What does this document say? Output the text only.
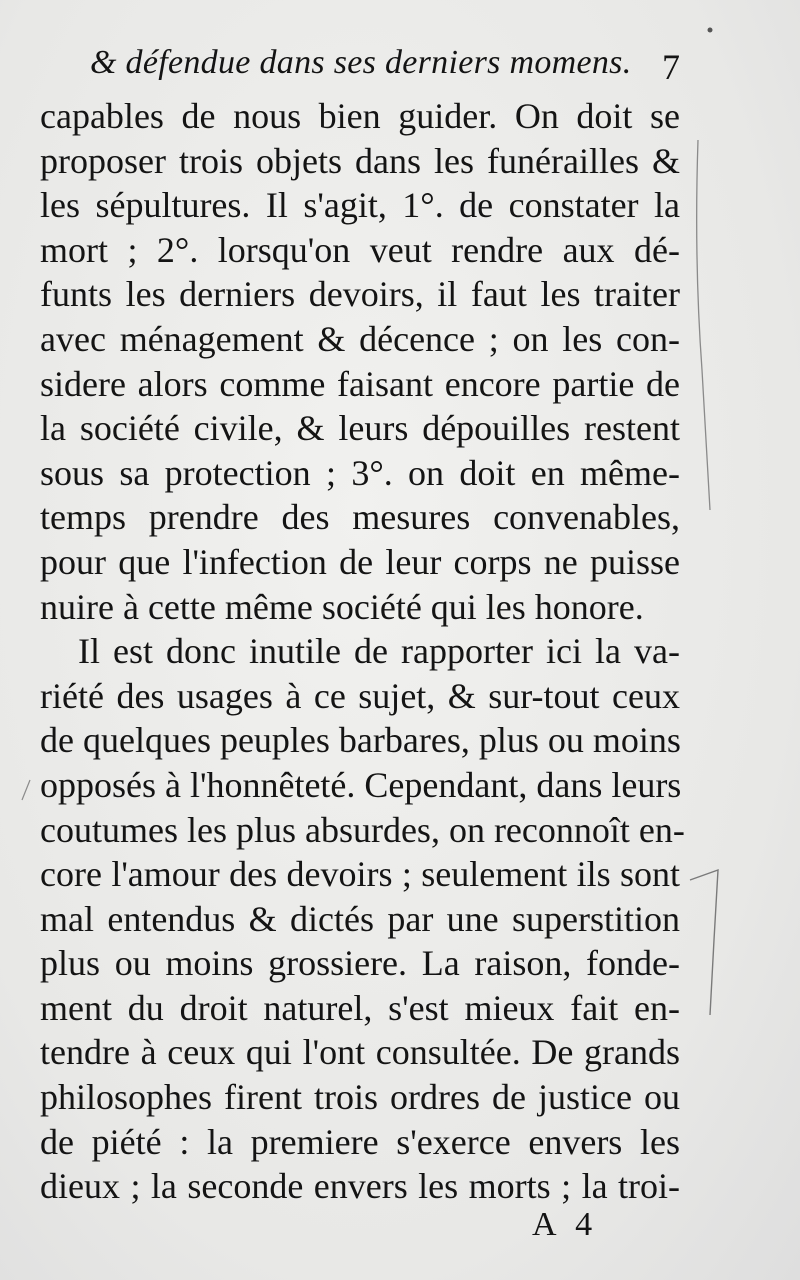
& défendue dans ses derniers momens. 7
capables de nous bien guider. On doit se
proposer trois objets dans les funérailles &
les sépultures. Il s'agit, 1°. de constater la
mort ; 2°. lorsqu'on veut rendre aux dé-
funts les derniers devoirs, il faut les traiter
avec ménagement & décence ; on les con-
sidere alors comme faisant encore partie de
la société civile, & leurs dépouilles restent
sous sa protection ; 3°. on doit en même-
temps prendre des mesures convenables,
pour que l'infection de leur corps ne puisse
nuire à cette même société qui les honore.
Il est donc inutile de rapporter ici la va-
riété des usages à ce sujet, & sur-tout ceux
de quelques peuples barbares, plus ou moins
opposés à l'honnêteté. Cependant, dans leurs
coutumes les plus absurdes, on reconnoît en-
core l'amour des devoirs ; seulement ils sont
mal entendus & dictés par une superstition
plus ou moins grossiere. La raison, fonde-
ment du droit naturel, s'est mieux fait en-
tendre à ceux qui l'ont consultée. De grands
philosophes firent trois ordres de justice ou
de piété : la premiere s'exerce envers les
dieux ; la seconde envers les morts ; la troi-
A 4
